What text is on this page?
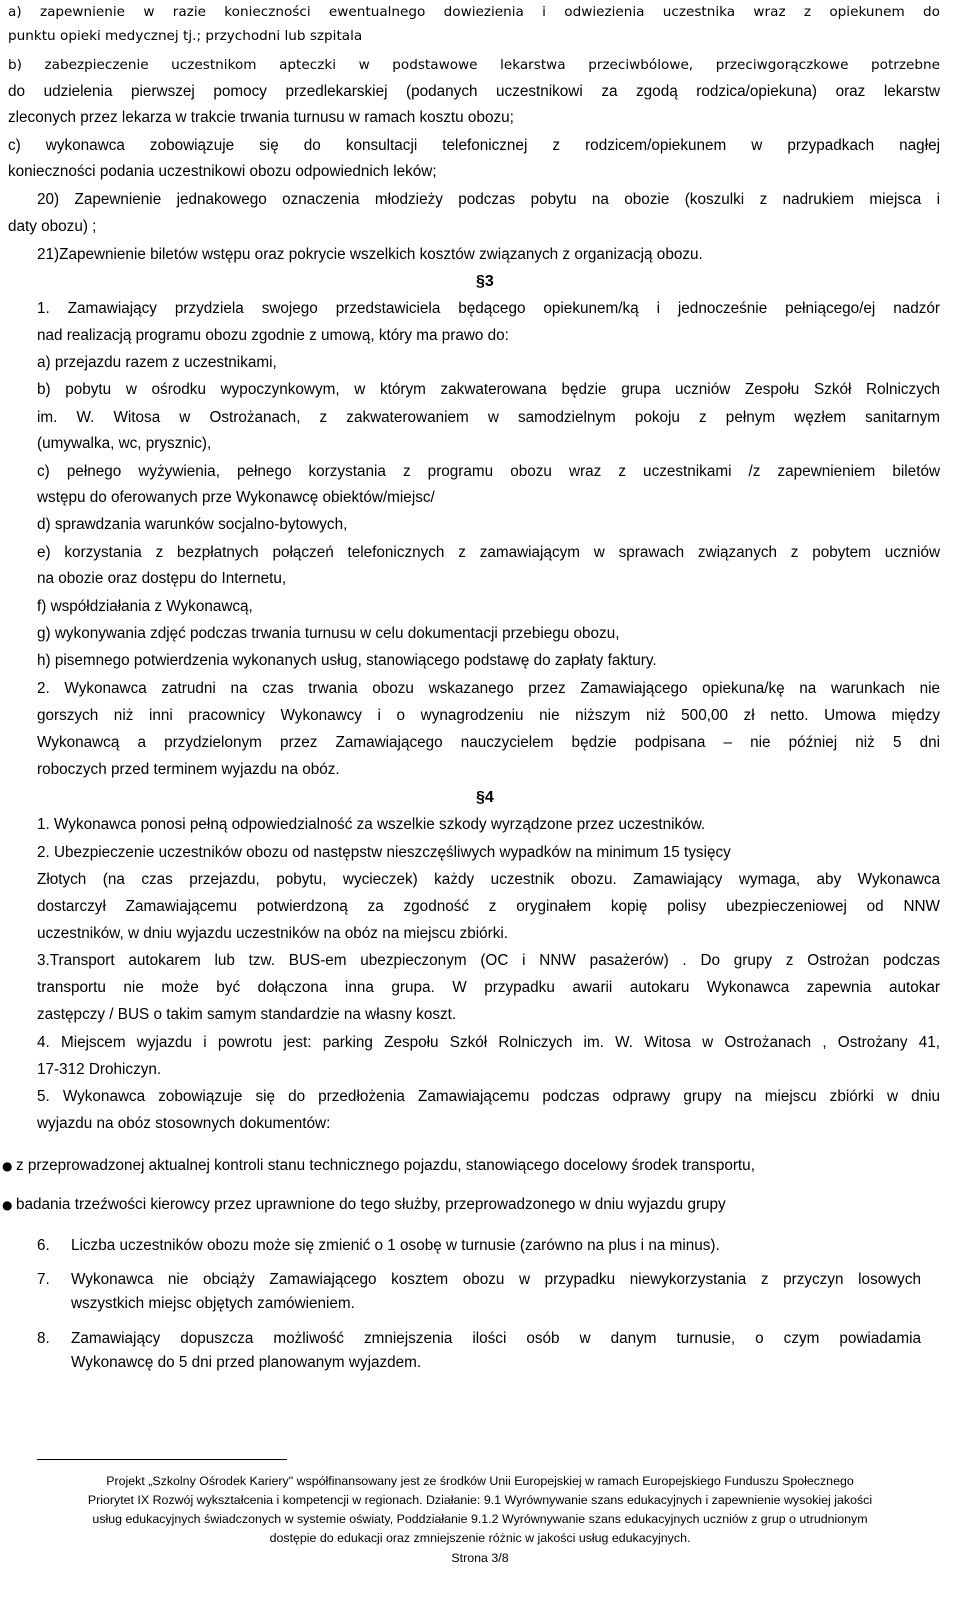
a) zapewnienie w razie konieczności ewentualnego dowiezienia i odwiezienia uczestnika wraz z opiekunem do

punktu opieki medycznej tj.; przychodni lub szpitala

b) zabezpieczenie uczestnikom apteczki w podstawowe lekarstwa przeciwbólowe, przeciwgorączkowe potrzebne

do udzielenia pierwszej pomocy przedlekarskiej (podanych uczestnikowi za zgodą rodzica/opiekuna) oraz lekarstw

zleconych przez lekarza w trakcie trwania turnusu w ramach kosztu obozu;

c) wykonawca zobowiązuje się do konsultacji telefonicznej z rodzicem/opiekunem w przypadkach nagłej

konieczności podania uczestnikowi obozu odpowiednich leków;

20) Zapewnienie jednakowego oznaczenia młodzieży podczas pobytu na obozie (koszulki z nadrukiem miejsca i

daty obozu) ;

21)Zapewnienie biletów wstępu oraz pokrycie wszelkich kosztów związanych z organizacją obozu.

§3

1. Zamawiający przydziela swojego przedstawiciela będącego opiekunem/ką i jednocześnie pełniącego/ej nadzór

nad realizacją programu obozu zgodnie z umową, który ma prawo do:

a) przejazdu razem z uczestnikami,

b) pobytu w ośrodku wypoczynkowym, w którym zakwaterowana będzie grupa uczniów Zespołu Szkół Rolniczych

im. W. Witosa w Ostrożanach, z zakwaterowaniem w samodzielnym pokoju z pełnym węzłem sanitarnym

(umywalka, wc, prysznic),

c) pełnego wyżywienia, pełnego korzystania z programu obozu wraz z uczestnikami /z zapewnieniem biletów

wstępu do oferowanych prze Wykonawcę obiektów/miejsc/

d) sprawdzania warunków socjalno-bytowych,

e) korzystania z bezpłatnych połączeń telefonicznych z zamawiającym w sprawach związanych z pobytem uczniów

na obozie oraz dostępu do Internetu,

f) współdziałania z Wykonawcą,

g) wykonywania zdjęć podczas trwania turnusu w celu dokumentacji przebiegu obozu,

h) pisemnego potwierdzenia wykonanych usług, stanowiącego podstawę do zapłaty faktury.

2. Wykonawca zatrudni na czas trwania obozu wskazanego przez Zamawiającego opiekuna/kę na warunkach nie

gorszych niż inni pracownicy Wykonawcy i o wynagrodzeniu nie niższym niż 500,00 zł netto. Umowa między

Wykonawcą a przydzielonym przez Zamawiającego nauczycielem będzie podpisana – nie później niż 5 dni

roboczych przed terminem wyjazdu na obóz.

§4

1. Wykonawca ponosi pełną odpowiedzialność za wszelkie szkody wyrządzone przez uczestników.

2. Ubezpieczenie uczestników obozu od następstw nieszczęśliwych wypadków na minimum 15 tysięcy

Złotych (na czas przejazdu, pobytu, wycieczek) każdy uczestnik obozu. Zamawiający wymaga, aby Wykonawca

dostarczył Zamawiającemu potwierdzoną za zgodność z oryginałem kopię polisy ubezpieczeniowej od NNW

uczestników, w dniu wyjazdu uczestników na obóz na miejscu zbiórki.

3.Transport autokarem lub tzw. BUS-em ubezpieczonym (OC i NNW pasażerów) . Do grupy z Ostrożan podczas

transportu nie może być dołączona inna grupa. W przypadku awarii autokaru Wykonawca zapewnia autokar

zastępczy / BUS o takim samym standardzie na własny koszt.

4. Miejscem wyjazdu i powrotu jest: parking Zespołu Szkół Rolniczych im. W. Witosa w Ostrożanach , Ostrożany 41,

17-312 Drohiczyn.

5. Wykonawca zobowiązuje się do przedłożenia Zamawiającemu podczas odprawy grupy na miejscu zbiórki w dniu

wyjazdu na obóz stosownych dokumentów:

● z przeprowadzonej aktualnej kontroli stanu technicznego pojazdu, stanowiącego docelowy środek transportu,

● badania trzeźwości kierowcy przez uprawnione do tego służby, przeprowadzonego w dniu wyjazdu grupy

6. Liczba uczestników obozu może się zmienić o 1 osobę w turnusie (zarówno na plus i na minus).

7. Wykonawca nie obciąży Zamawiającego kosztem obozu w przypadku niewykorzystania z przyczyn losowych

wszystkich miejsc objętych zamówieniem.

8. Zamawiający dopuszcza możliwość zmniejszenia ilości osób w danym turnusie, o czym powiadamia

Wykonawcę do 5 dni przed planowanym wyjazdem.

Projekt „Szkolny Ośrodek Kariery" współfinansowany jest ze środków Unii Europejskiej w ramach Europejskiego Funduszu Społecznego
Priorytet IX Rozwój wykształcenia i kompetencji w regionach. Działanie: 9.1 Wyrównywanie szans edukacyjnych i zapewnienie wysokiej jakości
usług edukacyjnych świadczonych w systemie oświaty, Poddziałanie 9.1.2 Wyrównywanie szans edukacyjnych uczniów z grup o utrudnionym
dostępie do edukacji oraz zmniejszenie różnic w jakości usług edukacyjnych.
Strona 3/8
